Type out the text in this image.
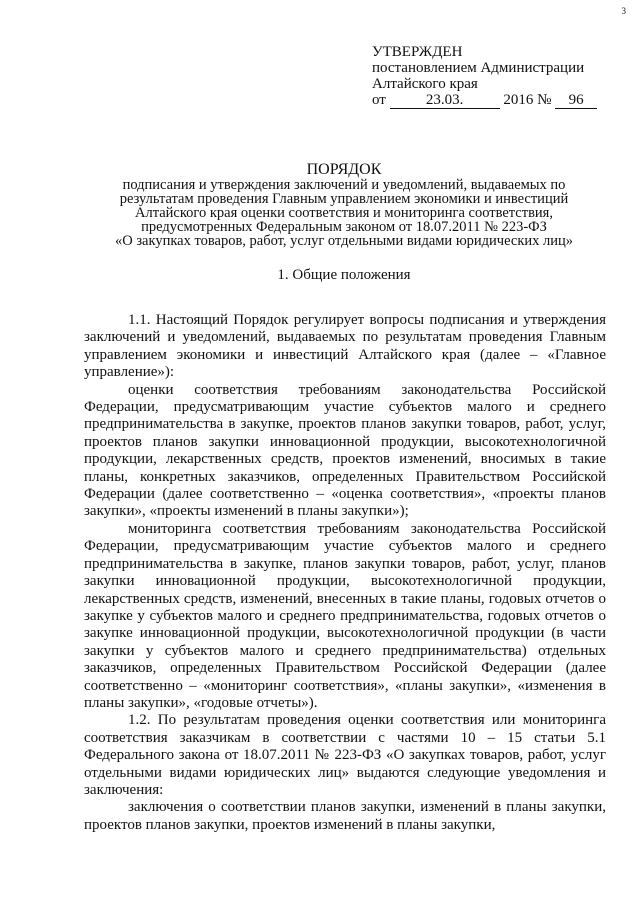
3
УТВЕРЖДЕН
постановлением Администрации
Алтайского края
от	23.03.	2016 № 96
ПОРЯДОК
подписания и утверждения заключений и уведомлений, выдаваемых по
результатам проведения Главным управлением экономики и инвестиций
Алтайского края оценки соответствия и мониторинга соответствия,
предусмотренных Федеральным законом от 18.07.2011 № 223-ФЗ
«О закупках товаров, работ, услуг отдельными видами юридических лиц»
1. Общие положения

1.1. Настоящий Порядок регулирует вопросы подписания и утверждения заключений и уведомлений, выдаваемых по результатам проведения Главным управлением экономики и инвестиций Алтайского края (далее – «Главное управление»):

оценки соответствия требованиям законодательства Российской Федерации, предусматривающим участие субъектов малого и среднего предпринимательства в закупке, проектов планов закупки товаров, работ, услуг, проектов планов закупки инновационной продукции, высокотехнологичной продукции, лекарственных средств, проектов изменений, вносимых в такие планы, конкретных заказчиков, определенных Правительством Российской Федерации (далее соответственно – «оценка соответствия», «проекты планов закупки», «проекты изменений в планы закупки»);

мониторинга соответствия требованиям законодательства Российской Федерации, предусматривающим участие субъектов малого и среднего предпринимательства в закупке, планов закупки товаров, работ, услуг, планов закупки инновационной продукции, высокотехнологичной продукции, лекарственных средств, изменений, внесенных в такие планы, годовых отчетов о закупке у субъектов малого и среднего предпринимательства, годовых отчетов о закупке инновационной продукции, высокотехнологичной продукции (в части закупки у субъектов малого и среднего предпринимательства) отдельных заказчиков, определенных Правительством Российской Федерации (далее соответственно – «мониторинг соответствия», «планы закупки», «изменения в планы закупки», «годовые отчеты»).

1.2. По результатам проведения оценки соответствия или мониторинга соответствия заказчикам в соответствии с частями 10 – 15 статьи 5.1 Федерального закона от 18.07.2011 № 223-ФЗ «О закупках товаров, работ, услуг отдельными видами юридических лиц» выдаются следующие уведомления и заключения:

заключения о соответствии планов закупки, изменений в планы закупки, проектов планов закупки, проектов изменений в планы закупки,
